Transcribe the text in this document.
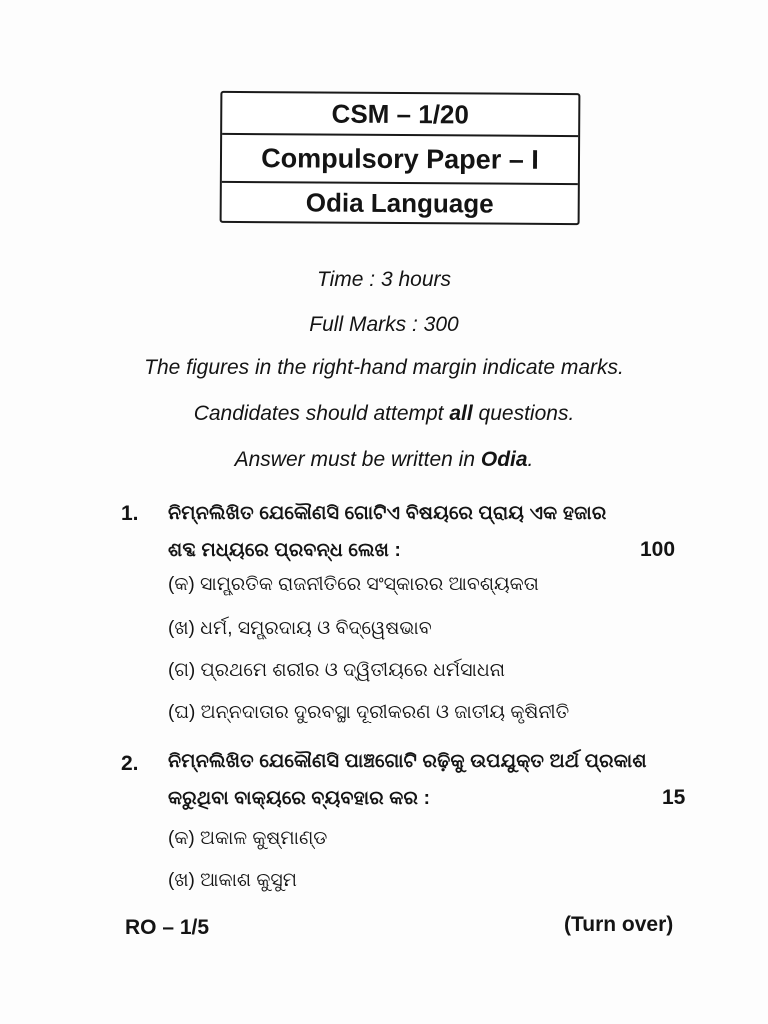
CSM – 1/20
Compulsory Paper – I
Odia Language
Time : 3 hours
Full Marks : 300
The figures in the right-hand margin indicate marks.
Candidates should attempt all questions.
Answer must be written in Odia.
1. ନିମ୍ନଲିଖିତ ଯେକୌଣସି ଗୋଟିଏ ବିଷୟରେ ପ୍ରାୟ ଏକ ହଜାର
ଶବ୍ଦ ମଧ୍ୟରେ ପ୍ରବନ୍ଧ ଲେଖ :	100
(କ) ସାମ୍ପ୍ରତିକ ରାଜନୀତିରେ ସଂସ୍କାରର ଆବଶ୍ୟକତା
(ଖ) ଧର୍ମ, ସମ୍ପ୍ରଦାୟ ଓ ବିଦ୍ୱେଷଭାବ
(ଗ) ପ୍ରଥମେ ଶରୀର ଓ ଦ୍ୱିତୀୟରେ ଧର୍ମସାଧନା
(ଘ) ଅନ୍ନଦାତାର ଦୁରବସ୍ଥା ଦୂରୀକରଣ ଓ ଜାତୀୟ କୃଷିନୀତି
2. ନିମ୍ନଲିଖିତ ଯେକୌଣସି ପାଞ୍ଚଗୋଟି ରଢ଼ିକୁ ଉପଯୁକ୍ତ ଅର୍ଥ ପ୍ରକାଶ
କରୁଥିବା ବାକ୍ୟରେ ବ୍ୟବହାର କର :	15
(କ) ଅକାଳ କୁଷ୍ମାଣ୍ଡ
(ଖ) ଆକାଶ କୁସୁମ
RO – 1/5	(Turn over)
